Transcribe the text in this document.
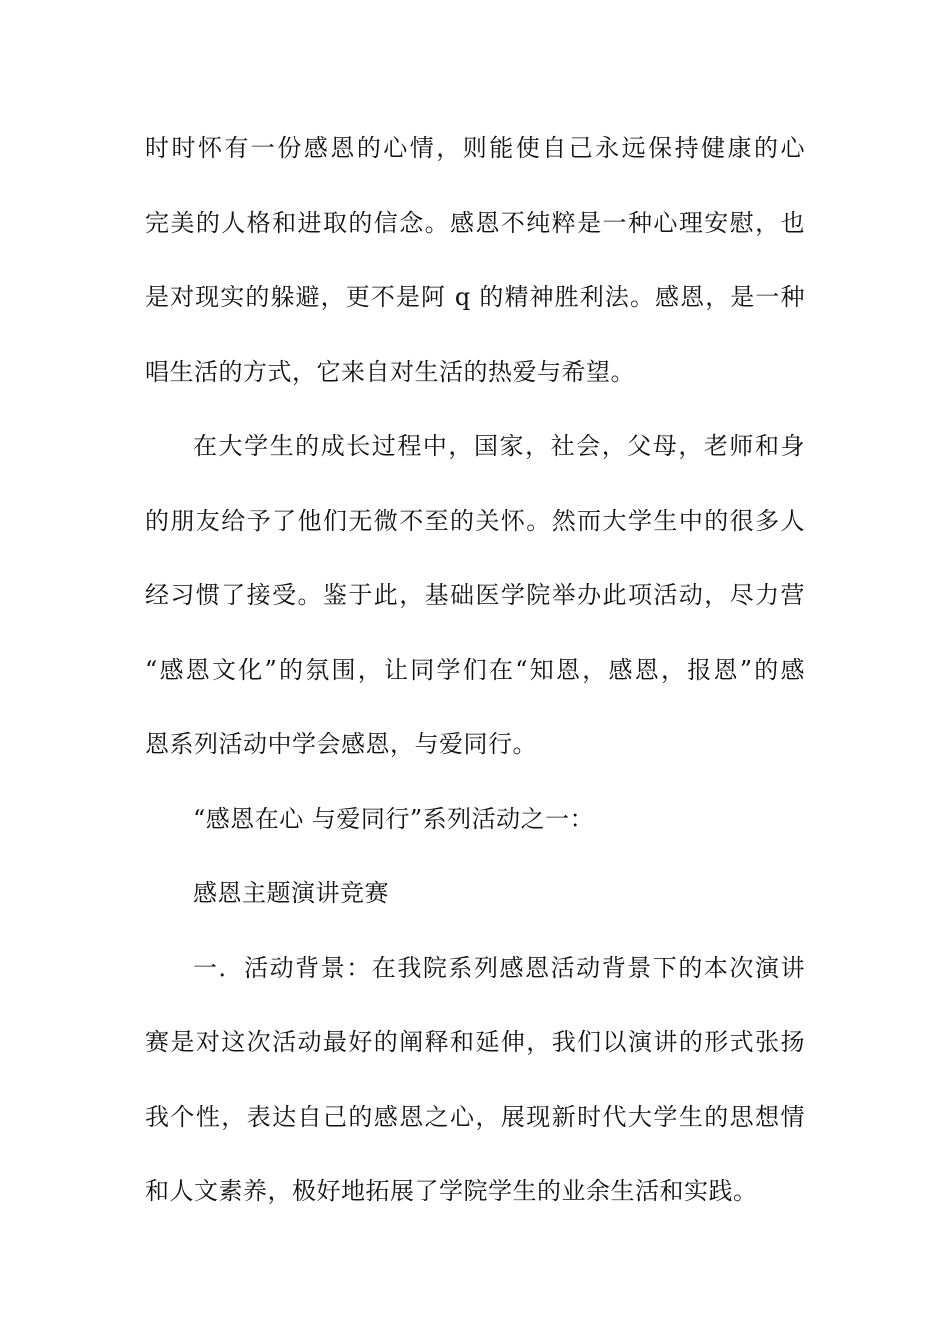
时时怀有一份感恩的心情，则能使自己永远保持健康的心
完美的人格和进取的信念。感恩不纯粹是一种心理安慰，也
是对现实的躲避，更不是阿 q 的精神胜利法。感恩，是一种
唱生活的方式，它来自对生活的热爱与希望。
在大学生的成长过程中，国家，社会，父母，老师和身
的朋友给予了他们无微不至的关怀。然而大学生中的很多人
经习惯了接受。鉴于此，基础医学院举办此项活动，尽力营
“感恩文化”的氛围，让同学们在“知恩，感恩，报恩”的感
恩系列活动中学会感恩，与爱同行。
“感恩在心 与爱同行”系列活动之一：
感恩主题演讲竞赛
一．活动背景：在我院系列感恩活动背景下的本次演讲
赛是对这次活动最好的阐释和延伸，我们以演讲的形式张扬
我个性，表达自己的感恩之心，展现新时代大学生的思想情
和人文素养，极好地拓展了学院学生的业余生活和实践。
